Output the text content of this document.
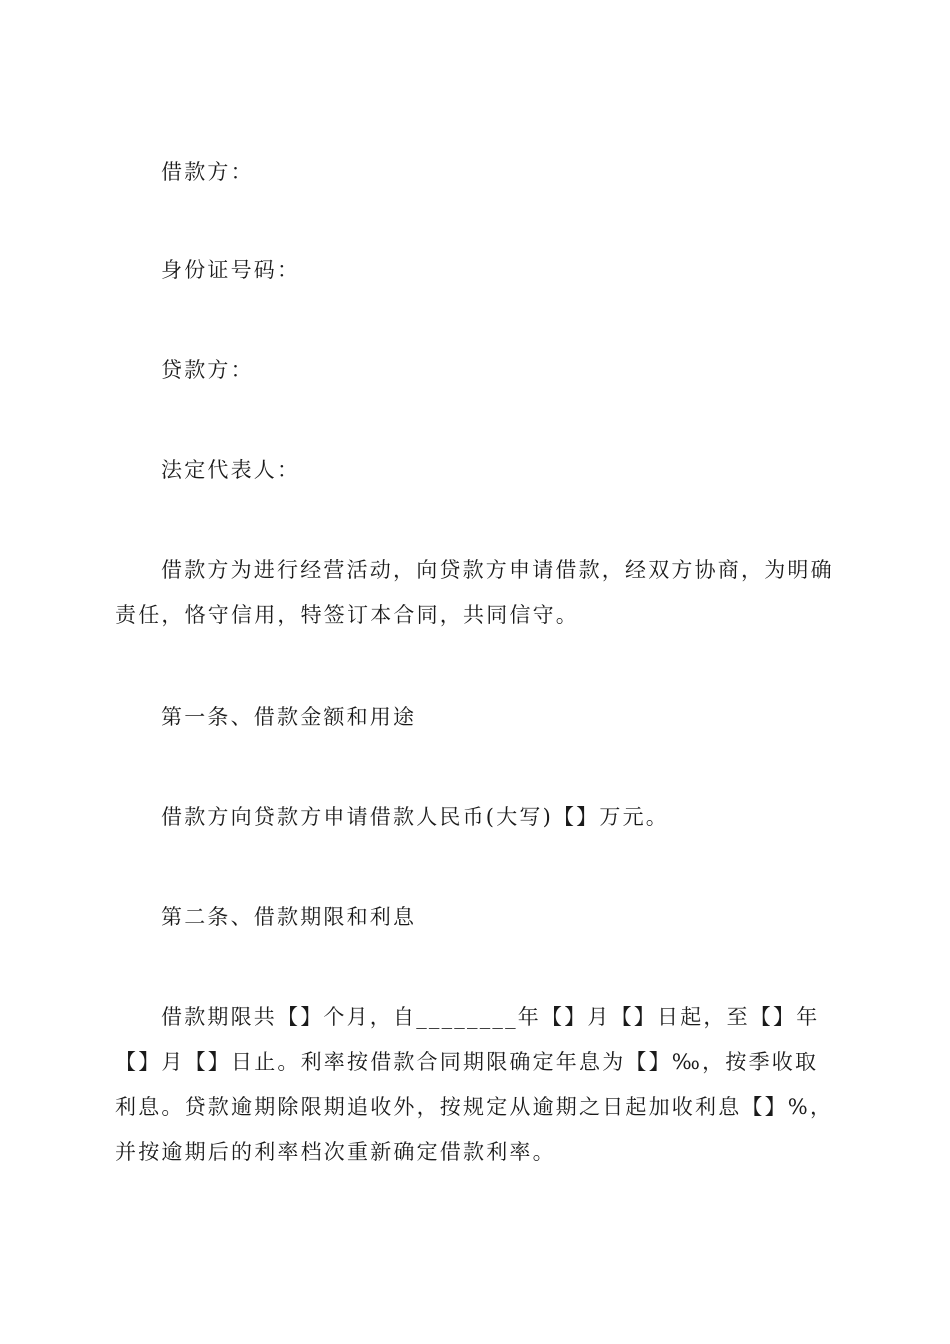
借款方：

身份证号码：

贷款方：

法定代表人：

借款方为进行经营活动，向贷款方申请借款，经双方协商，为明确责任，恪守信用，特签订本合同，共同信守。

第一条、借款金额和用途

借款方向贷款方申请借款人民币(大写)【】万元。

第二条、借款期限和利息

借款期限共【】个月，自________年【】月【】日起，至【】年【】月【】日止。利率按借款合同期限确定年息为【】‰，按季收取利息。贷款逾期除限期追收外，按规定从逾期之日起加收利息【】%，并按逾期后的利率档次重新确定借款利率。
